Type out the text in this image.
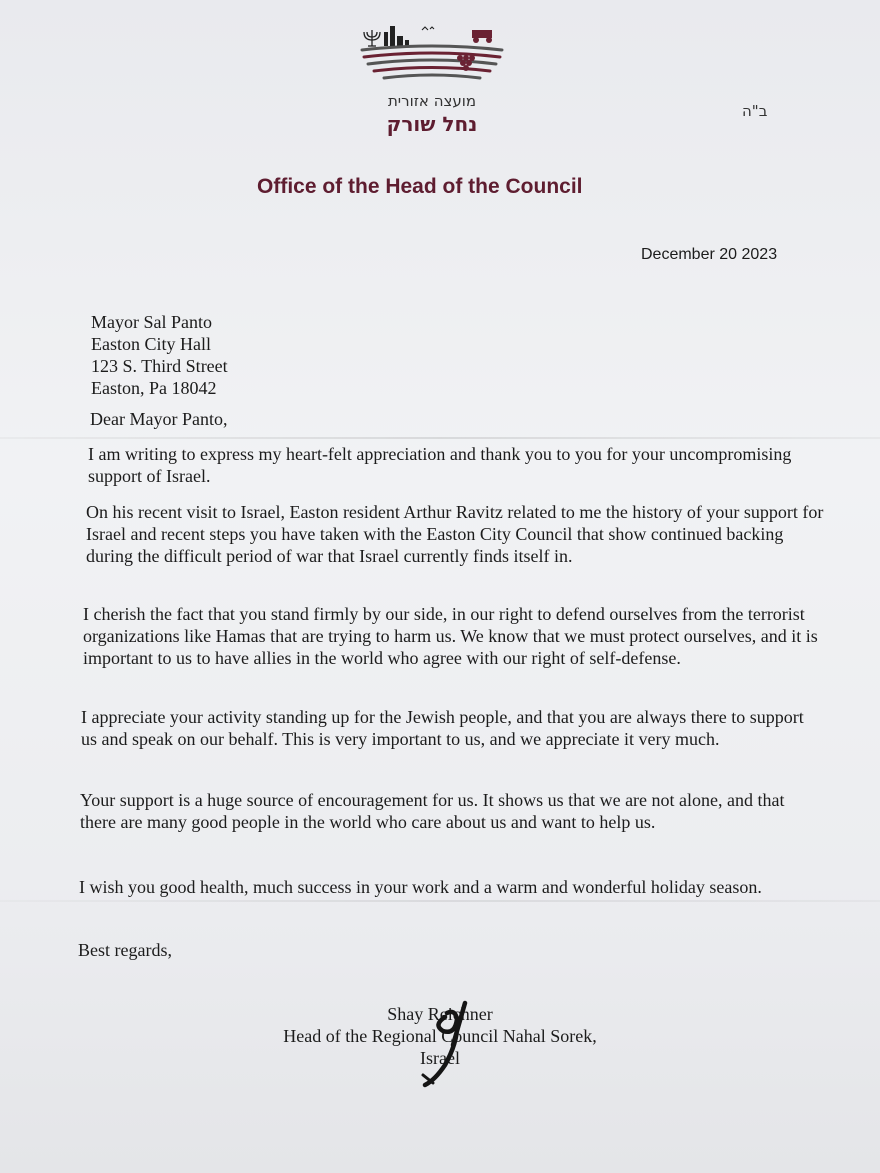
מועצה אזורית
נחל שורק
ב"ה
Office of the Head of the Council
December 20 2023
Mayor Sal Panto
Easton City Hall
123 S. Third Street
Easton, Pa 18042
Dear Mayor Panto,

I am writing to express my heart-felt appreciation and thank you to you for your uncompromising support of Israel.

On his recent visit to Israel, Easton resident Arthur Ravitz related to me the history of your support for Israel and recent steps you have taken with the Easton City Council that show continued backing during the difficult period of war that Israel currently finds itself in.

I cherish the fact that you stand firmly by our side, in our right to defend ourselves from the terrorist organizations like Hamas that are trying to harm us. We know that we must protect ourselves, and it is important to us to have allies in the world who agree with our right of self-defense.

I appreciate your activity standing up for the Jewish people, and that you are always there to support us and speak on our behalf. This is very important to us, and we appreciate it very much.

Your support is a huge source of encouragement for us. It shows us that we are not alone, and that there are many good people in the world who care about us and want to help us.

I wish you good health, much success in your work and a warm and wonderful holiday season.

Best regards,
Shay Reichner
Head of the Regional Council Nahal Sorek,
Israel
